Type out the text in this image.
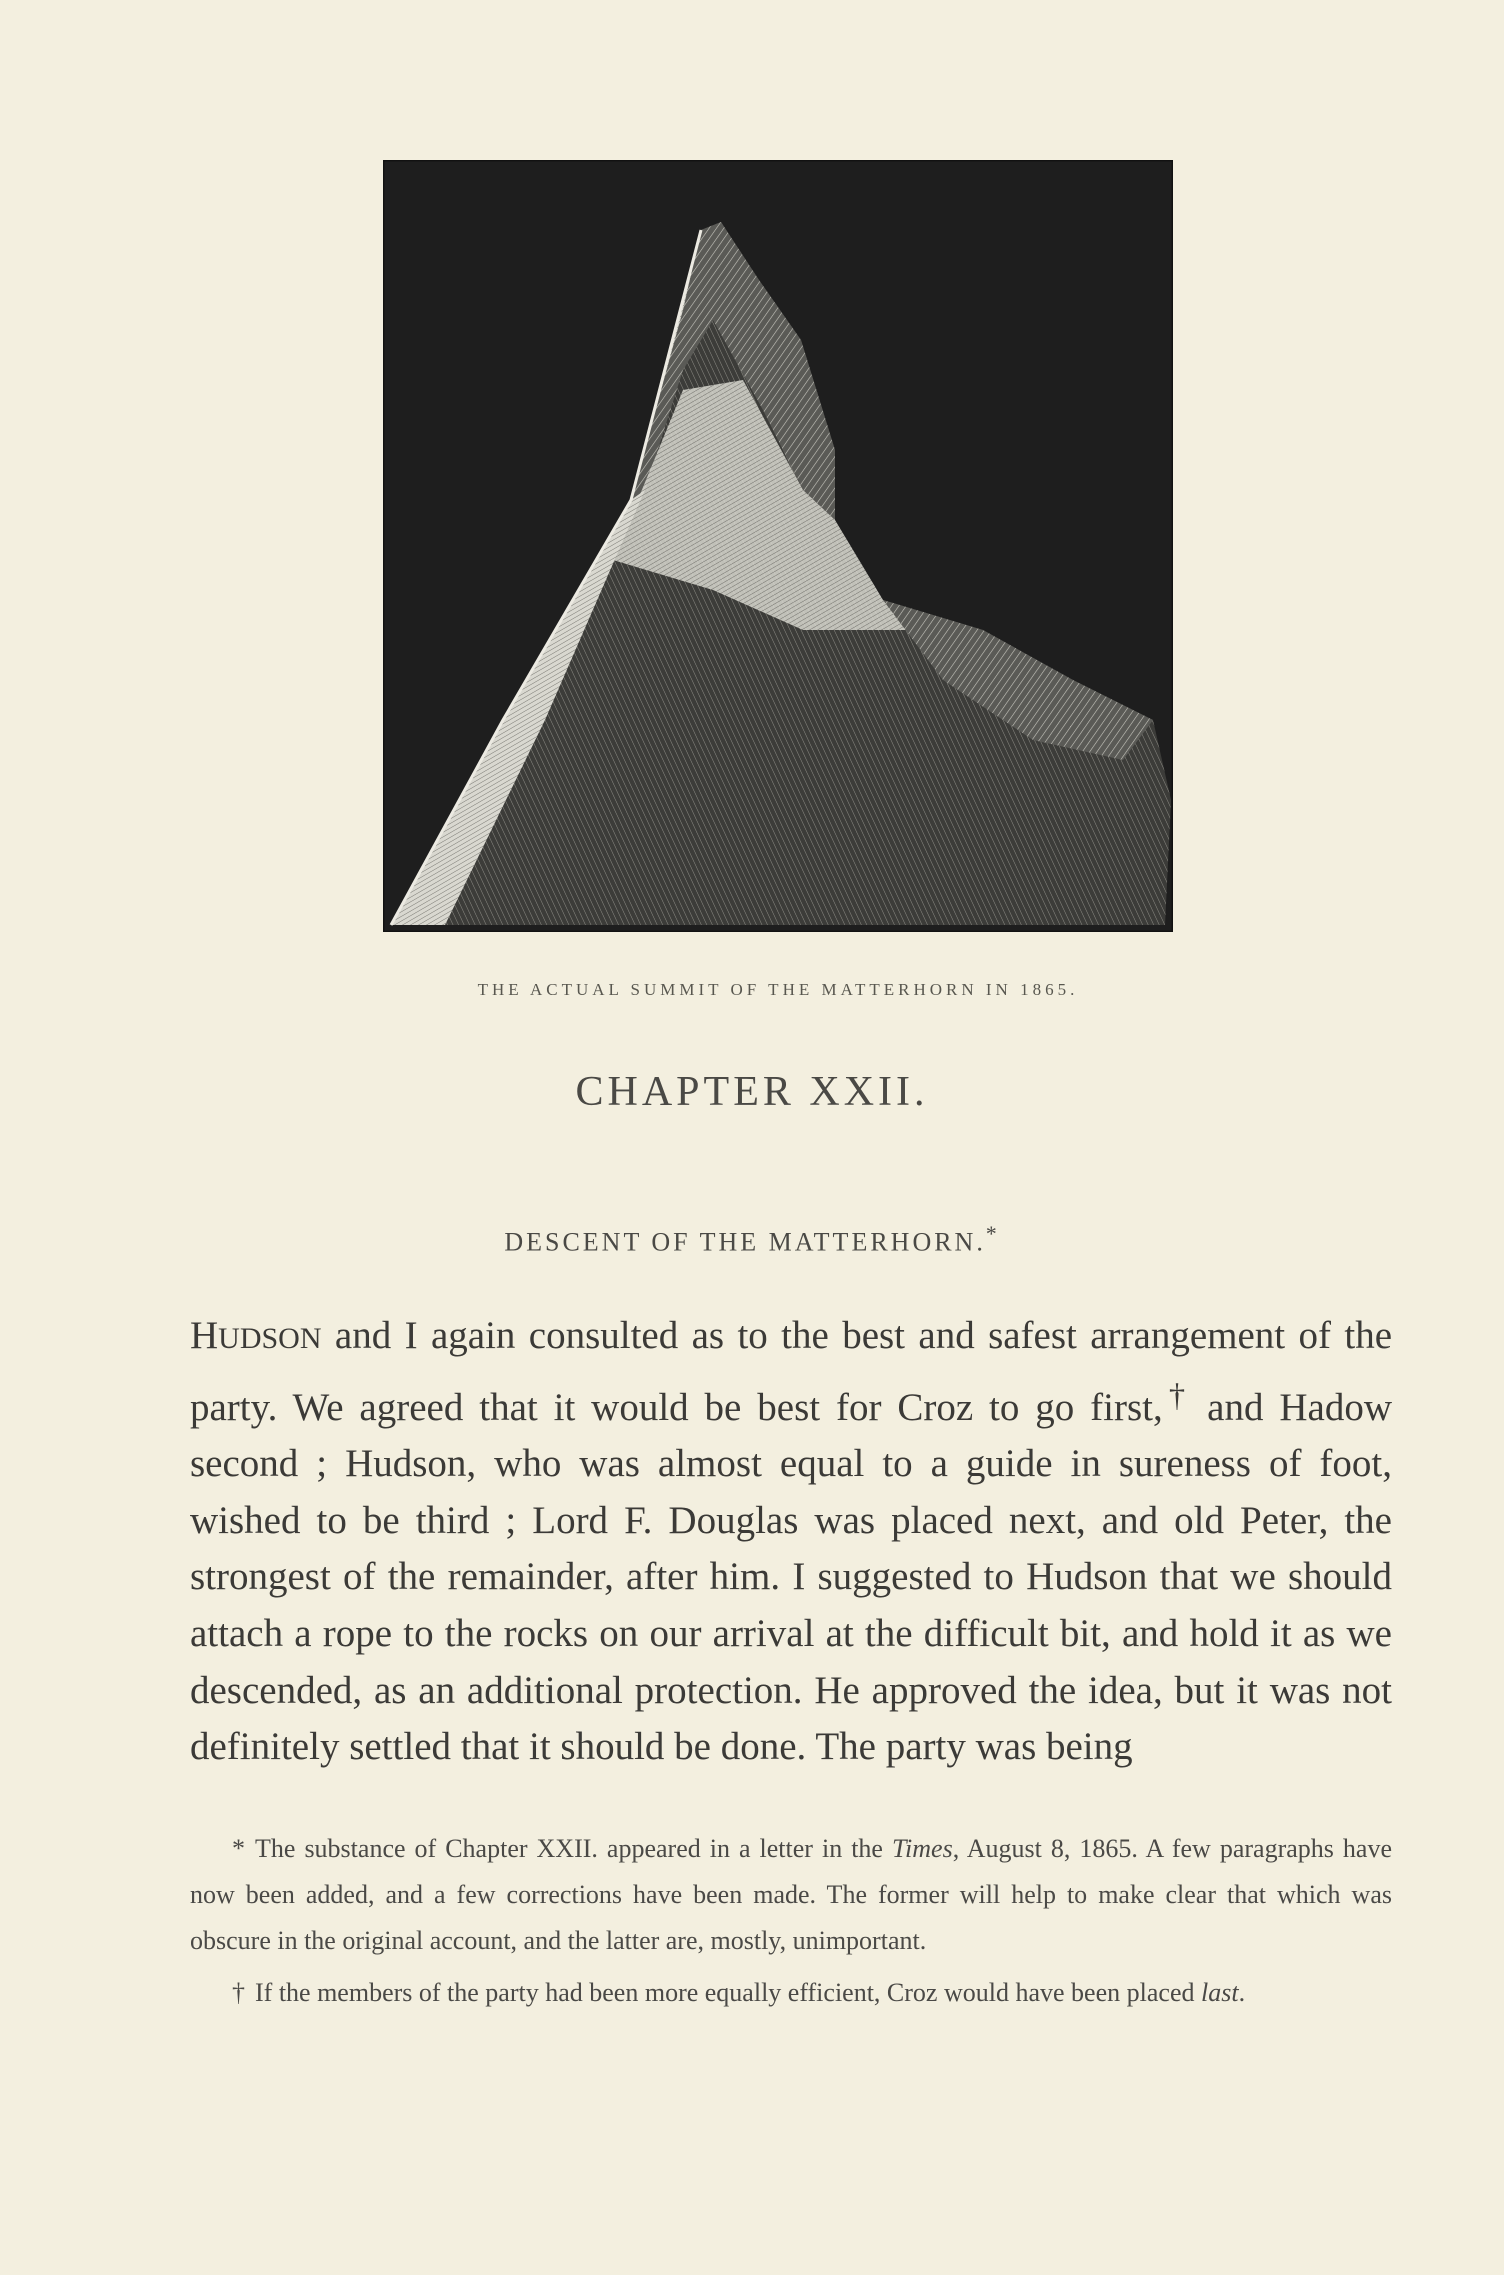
THE ACTUAL SUMMIT OF THE MATTERHORN IN 1865.
CHAPTER XXII.
DESCENT OF THE MATTERHORN.*
HUDSON and I again consulted as to the best and safest arrangement of the party. We agreed that it would be best for Croz to go first,† and Hadow second ; Hudson, who was almost equal to a guide in sureness of foot, wished to be third ; Lord F. Douglas was placed next, and old Peter, the strongest of the remainder, after him. I suggested to Hudson that we should attach a rope to the rocks on our arrival at the difficult bit, and hold it as we descended, as an additional protection. He approved the idea, but it was not definitely settled that it should be done. The party was being

* The substance of Chapter XXII. appeared in a letter in the Times, August 8, 1865. A few paragraphs have now been added, and a few corrections have been made. The former will help to make clear that which was obscure in the original account, and the latter are, mostly, unimportant.

† If the members of the party had been more equally efficient, Croz would have been placed last.
